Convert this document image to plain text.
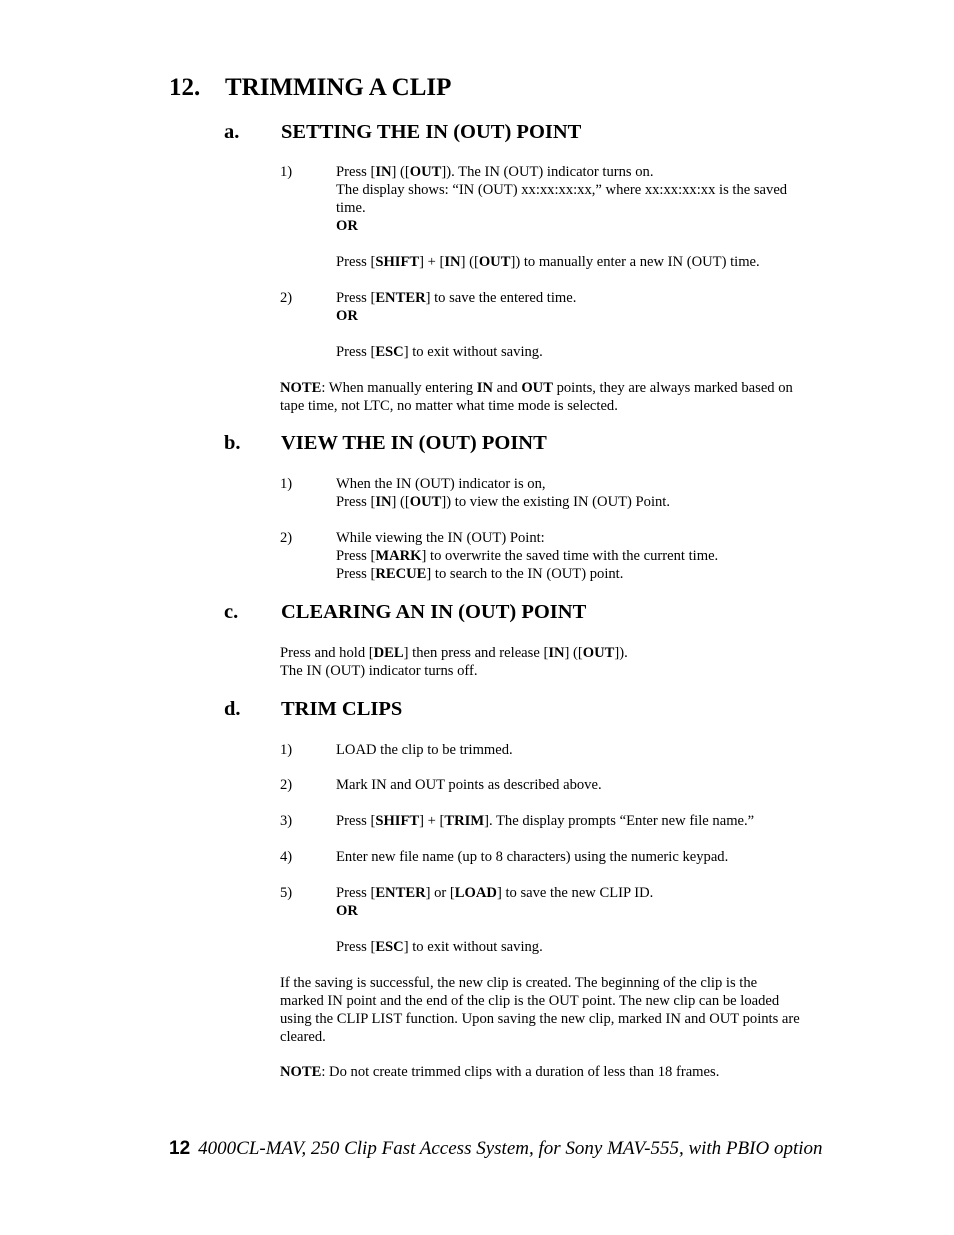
12. TRIMMING A CLIP
a. SETTING THE IN (OUT) POINT
1)	Press [IN] ([OUT]). The IN (OUT) indicator turns on.
The display shows: “IN (OUT) xx:xx:xx:xx,” where xx:xx:xx:xx is the saved
time.
OR
Press [SHIFT] + [IN] ([OUT]) to manually enter a new IN (OUT) time.
2)	Press [ENTER] to save the entered time.
OR
Press [ESC] to exit without saving.
NOTE: When manually entering IN and OUT points, they are always marked based on
tape time, not LTC, no matter what time mode is selected.
b. VIEW THE IN (OUT) POINT
1)	When the IN (OUT) indicator is on,
Press [IN] ([OUT]) to view the existing IN (OUT) Point.
2)	While viewing the IN (OUT) Point:
Press [MARK] to overwrite the saved time with the current time.
Press [RECUE] to search to the IN (OUT) point.
c. CLEARING AN IN (OUT) POINT
Press and hold [DEL] then press and release [IN] ([OUT]).
The IN (OUT) indicator turns off.
d. TRIM CLIPS
1)	LOAD the clip to be trimmed.
2)	Mark IN and OUT points as described above.
3)	Press [SHIFT] + [TRIM]. The display prompts “Enter new file name.”
4)	Enter new file name (up to 8 characters) using the numeric keypad.
5)	Press [ENTER] or [LOAD] to save the new CLIP ID.
OR
Press [ESC] to exit without saving.
If the saving is successful, the new clip is created. The beginning of the clip is the
marked IN point and the end of the clip is the OUT point. The new clip can be loaded
using the CLIP LIST function. Upon saving the new clip, marked IN and OUT points are
cleared.
NOTE: Do not create trimmed clips with a duration of less than 18 frames.
12 4000CL-MAV, 250 Clip Fast Access System, for Sony MAV-555, with PBIO option
